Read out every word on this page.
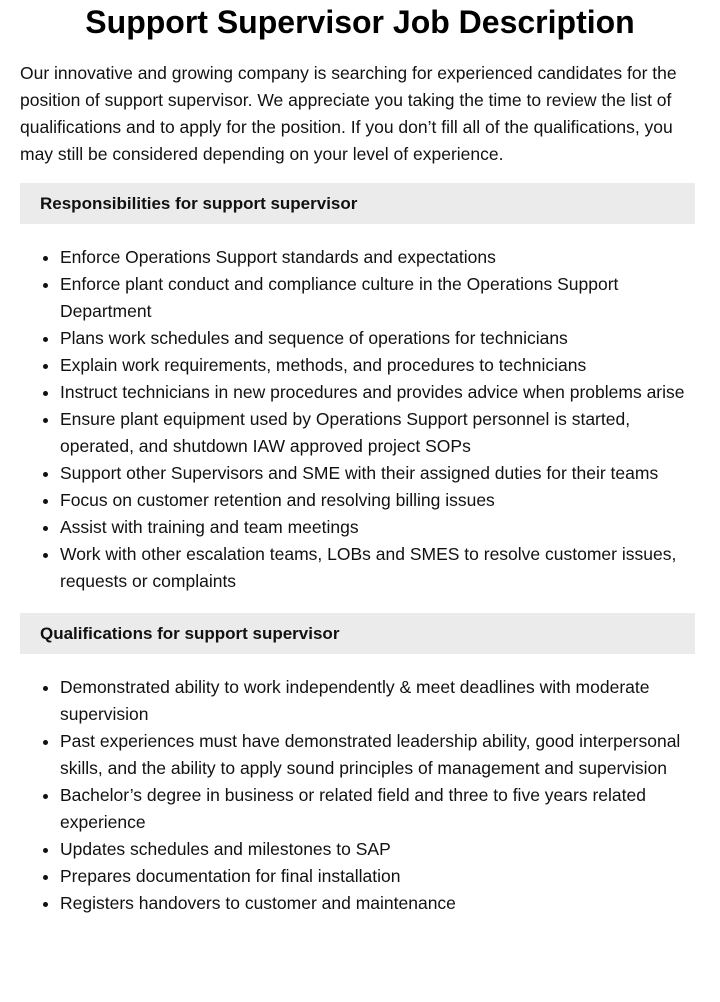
Support Supervisor Job Description

Our innovative and growing company is searching for experienced candidates for the position of support supervisor. We appreciate you taking the time to review the list of qualifications and to apply for the position. If you don’t fill all of the qualifications, you may still be considered depending on your level of experience.

Responsibilities for support supervisor
• Enforce Operations Support standards and expectations
• Enforce plant conduct and compliance culture in the Operations Support Department
• Plans work schedules and sequence of operations for technicians
• Explain work requirements, methods, and procedures to technicians
• Instruct technicians in new procedures and provides advice when problems arise
• Ensure plant equipment used by Operations Support personnel is started, operated, and shutdown IAW approved project SOPs
• Support other Supervisors and SME with their assigned duties for their teams
• Focus on customer retention and resolving billing issues
• Assist with training and team meetings
• Work with other escalation teams, LOBs and SMES to resolve customer issues, requests or complaints
Qualifications for support supervisor
• Demonstrated ability to work independently & meet deadlines with moderate supervision
• Past experiences must have demonstrated leadership ability, good interpersonal skills, and the ability to apply sound principles of management and supervision
• Bachelor’s degree in business or related field and three to five years related experience
• Updates schedules and milestones to SAP
• Prepares documentation for final installation
• Registers handovers to customer and maintenance
